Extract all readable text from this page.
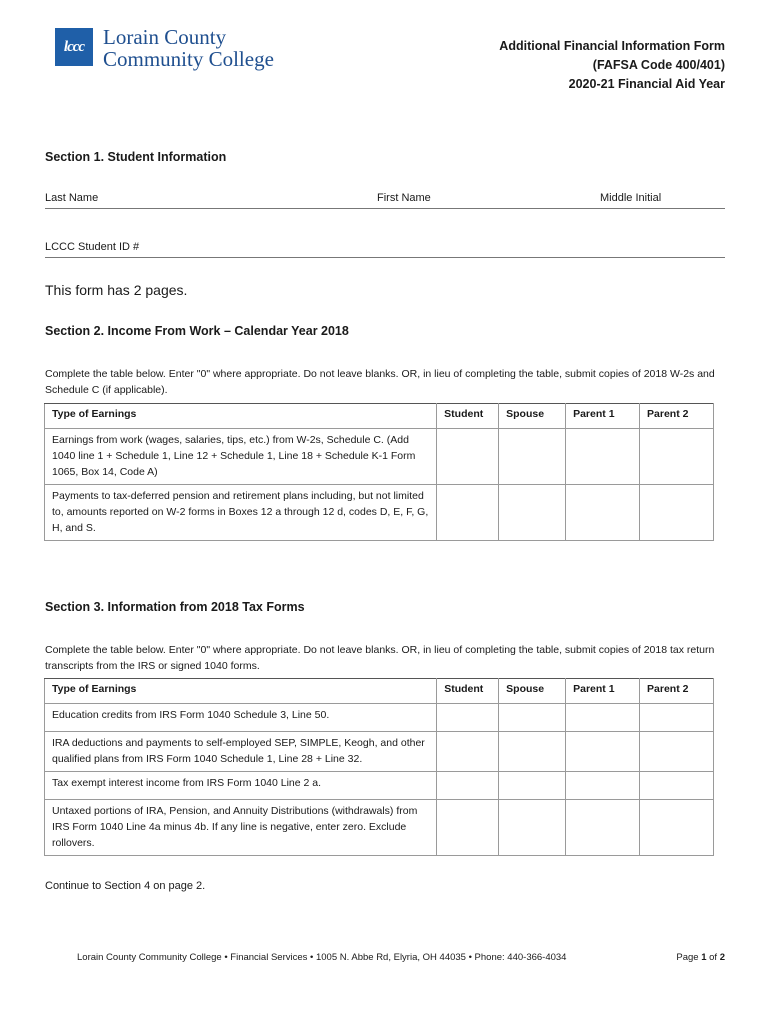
lccc Lorain County
Community College
Additional Financial Information Form
(FAFSA Code 400/401)
2020-21 Financial Aid Year
Section 1. Student Information
Last Name	First Name	Middle Initial
LCCC Student ID #
This form has 2 pages.
Section 2. Income From Work – Calendar Year 2018
Complete the table below. Enter "0" where appropriate. Do not leave blanks. OR, in lieu of completing the table, submit copies of 2018 W-2s and Schedule C (if applicable).
Type of Earnings	Student	Spouse	Parent 1	Parent 2
Earnings from work (wages, salaries, tips, etc.) from W-2s, Schedule C. (Add 1040 line 1 + Schedule 1, Line 12 + Schedule 1, Line 18 + Schedule K-1 Form 1065, Box 14, Code A)				
Payments to tax-deferred pension and retirement plans including, but not limited to, amounts reported on W-2 forms in Boxes 12 a through 12 d, codes D, E, F, G, H, and S.				
Section 3. Information from 2018 Tax Forms
Complete the table below. Enter "0" where appropriate. Do not leave blanks. OR, in lieu of completing the table, submit copies of 2018 tax return transcripts from the IRS or signed 1040 forms.
Type of Earnings	Student	Spouse	Parent 1	Parent 2
Education credits from IRS Form 1040 Schedule 3, Line 50.				
IRA deductions and payments to self-employed SEP, SIMPLE, Keogh, and other qualified plans from IRS Form 1040 Schedule 1, Line 28 + Line 32.				
Tax exempt interest income from IRS Form 1040 Line 2 a.				
Untaxed portions of IRA, Pension, and Annuity Distributions (withdrawals) from IRS Form 1040 Line 4a minus 4b. If any line is negative, enter zero. Exclude rollovers.				
Continue to Section 4 on page 2.
Lorain County Community College • Financial Services • 1005 N. Abbe Rd, Elyria, OH 44035 • Phone: 440-366-4034	Page 1 of 2
